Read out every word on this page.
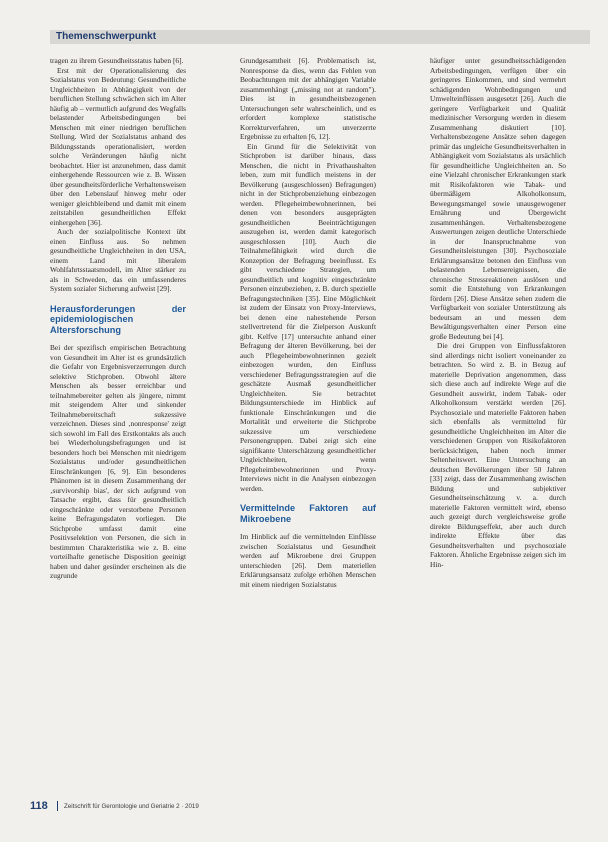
Themenschwerpunkt

tragen zu ihrem Gesundheitsstatus haben [6].

Erst mit der Operationalisierung des Sozialstatus von Bedeutung: Gesundheitliche Ungleichheiten in Abhängigkeit von der beruflichen Stellung schwächen sich im Alter häufig ab – vermutlich aufgrund des Wegfalls belastender Arbeitsbedingungen bei Menschen mit einer niedrigen beruflichen Stellung. Wird der Sozialstatus anhand des Bildungsstands operationalisiert, werden solche Veränderungen häufig nicht beobachtet. Hier ist anzunehmen, dass damit einhergehende Ressourcen wie z. B. Wissen über gesundheitsförderliche Verhaltensweisen über den Lebenslauf hinweg mehr oder weniger gleichbleibend und damit mit einem zeitstabilen gesundheitlichen Effekt einhergehen [36].

Auch der sozialpolitische Kontext übt einen Einfluss aus. So nehmen gesundheitliche Ungleichheiten in den USA, einem Land mit liberalem Wohlfahrtsstaatsmodell, im Alter stärker zu als in Schweden, das ein umfassenderes System sozialer Sicherung aufweist [29].

Herausforderungen der epidemiologischen Altersforschung

Bei der spezifisch empirischen Betrachtung von Gesundheit im Alter ist es grundsätzlich die Gefahr von Ergebnisverzerrungen durch selektive Stichproben. Obwohl ältere Menschen als besser erreichbar und teilnahmebereiter gelten als jüngere, nimmt mit steigendem Alter und sinkender Teilnahmebereitschaft sukzessive verzeichnen. Dieses sind ‚nonresponse' zeigt sich sowohl im Fall des Erstkontakts als auch bei Wiederholungsbefragungen und ist besonders hoch bei Menschen mit niedrigem Sozialstatus und/oder gesundheitlichen Einschränkungen [6, 9]. Ein besonderes Phänomen ist in diesem Zusammenhang der ‚survivorship bias', der sich aufgrund von Tatsache ergibt, dass für gesundheitlich eingeschränkte oder verstorbene Personen keine Befragungsdaten vorliegen. Die Stichprobe umfasst damit eine Positivselektion von Personen, die sich in bestimmten Charakteristika wie z. B. eine vorteilhafte genetische Disposition geeinigt haben und daher gesünder erscheinen als die zugrunde

Grundgesamtheit [6]. Problematisch ist, Nonresponse da dies, wenn das Fehlen von Beobachtungen mit der abhängigen Variable zusammenhängt („missing not at random"). Dies ist in gesundheitsbezogenen Untersuchungen sehr wahrscheinlich, und es erfordert komplexe statistische Korrekturverfahren, um unverzerrte Ergebnisse zu erhalten [6, 12].

Ein Grund für die Selektivität von Stichproben ist darüber hinaus, dass Menschen, die nicht in Privathaushalten leben, zum mit fundlich meistens in der Bevölkerung (ausgeschlossen) Befragungen) nicht in der Stichprobenziehung einbezogen werden. Pflegeheimbewohnerinnen, bei denen von besonders ausgeprägten gesundheitlichen Beeinträchtigungen auszugehen ist, werden damit kategorisch ausgeschlossen [10]. Auch die Teilnahmefähigkeit wird durch die Konzeption der Befragung beeinflusst. Es gibt verschiedene Strategien, um gesundheitlich und kognitiv eingeschränkte Personen einzubeziehen, z. B. durch spezielle Befragungstechniken [35]. Eine Möglichkeit ist zudem der Einsatz von Proxy-Interviews, bei denen eine nahestehende Person stellvertretend für die Zielperson Auskunft gibt. Kelfve [17] untersuchte anhand einer Befragung der älteren Bevölkerung, bei der auch Pflegeheimbewohnerinnen gezielt einbezogen wurden, den Einfluss verschiedener Befragungsstrategien auf die geschätzte Ausmaß gesundheitlicher Ungleichheiten. Sie betrachtet Bildungsunterschiede im Hinblick auf funktionale Einschränkungen und die Mortalität und erweiterte die Stichprobe sukzessive um verschiedene Personengruppen. Dabei zeigt sich eine signifikante Unterschätzung gesundheitlicher Ungleichheiten, wenn Pflegeheimbewohnerinnen und Proxy-Interviews nicht in die Analysen einbezogen werden.

Vermittelnde Faktoren auf Mikroebene

Im Hinblick auf die vermittelnden Einflüsse zwischen Sozialstatus und Gesundheit werden auf Mikroebene drei Gruppen unterschieden [26]. Dem materiellen Erklärungsansatz zufolge erhöhen Menschen mit einem niedrigen Sozialstatus

häufiger unter gesundheitsschädigenden Arbeitsbedingungen, verfügen über ein geringeres Einkommen, und sind vermehrt schädigenden Wohnbedingungen und Umwelteinflüssen ausgesetzt [26]. Auch die geringere Verfügbarkeit und Qualität medizinischer Versorgung werden in diesem Zusammenhang diskutiert [10]. Verhaltensbezogene Ansätze sehen dagegen primär das ungleiche Gesundheitsverhalten in Abhängigkeit vom Sozialstatus als ursächlich für gesundheitliche Ungleichheiten an. So eine Vielzahl chronischer Erkrankungen stark mit Risikofaktoren wie Tabak- und übermäßigem Alkoholkonsum, Bewegungsmangel sowie unausgewogener Ernährung und Übergewicht zusammenhängen. Verhaltensbezogene Auswertungen zeigen deutliche Unterschiede in der Inanspruchnahme von Gesundheitsleistungen [30]. Psychosoziale Erklärungsansätze betonen den Einfluss von belastenden Lebensereignissen, die chronische Stressreaktionen auslösen und somit die Entstehung von Erkrankungen fördern [26]. Diese Ansätze sehen zudem die Verfügbarkeit von sozialer Unterstützung als bedeutsam an und messen dem Bewältigungsverhalten einer Person eine große Bedeutung bei [4].

Die drei Gruppen von Einflussfaktoren sind allerdings nicht isoliert voneinander zu betrachten. So wird z. B. in Bezug auf materielle Deprivation angenommen, dass sich diese auch auf indirekte Wege auf die Gesundheit auswirkt, indem Tabak- oder Alkoholkonsum verstärkt werden [26]. Psychosoziale und materielle Faktoren haben sich ebenfalls als vermittelnd für gesundheitliche Ungleichheiten im Alter die verschiedenen Gruppen von Risikofaktoren berücksichtigen, haben noch immer Seltenheitswert. Eine Untersuchung an deutschen Bevölkerungen über 50 Jahren [33] zeigt, dass der Zusammenhang zwischen Bildung und subjektiver Gesundheitseinschätzung v. a. durch materielle Faktoren vermittelt wird, ebenso auch gezeigt durch vergleichsweise große direkte Bildungseffekt, aber auch durch indirekte Effekte über das Gesundheitsverhalten und psychosoziale Faktoren. Ähnliche Ergebnisse zeigen sich im Hin-

118	Zeitschrift für Gerontologie und Geriatrie 2 · 2019
